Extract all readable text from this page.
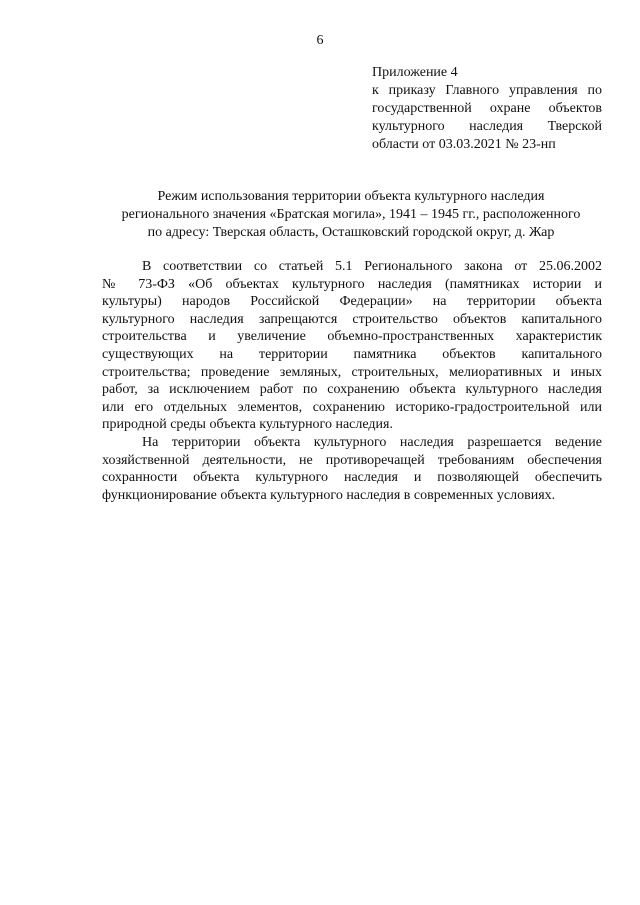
6
Приложение 4
к приказу Главного управления по
государственной охране объектов
культурного наследия Тверской
области от 03.03.2021 № 23-нп
Режим использования территории объекта культурного наследия
регионального значения «Братская могила», 1941 – 1945 гг., расположенного
по адресу: Тверская область, Осташковский городской округ, д. Жар
В соответствии со статьей 5.1 Регионального закона от 25.06.2002
№ 73-ФЗ «Об объектах культурного наследия (памятниках истории и
культуры) народов Российской Федерации» на территории объекта
культурного наследия запрещаются строительство объектов капитального
строительства и увеличение объемно-пространственных характеристик
существующих на территории памятника объектов капитального
строительства; проведение земляных, строительных, мелиоративных и иных
работ, за исключением работ по сохранению объекта культурного наследия
или его отдельных элементов, сохранению историко-градостроительной или
природной среды объекта культурного наследия.
На территории объекта культурного наследия разрешается ведение
хозяйственной деятельности, не противоречащей требованиям обеспечения
сохранности объекта культурного наследия и позволяющей обеспечить
функционирование объекта культурного наследия в современных условиях.
